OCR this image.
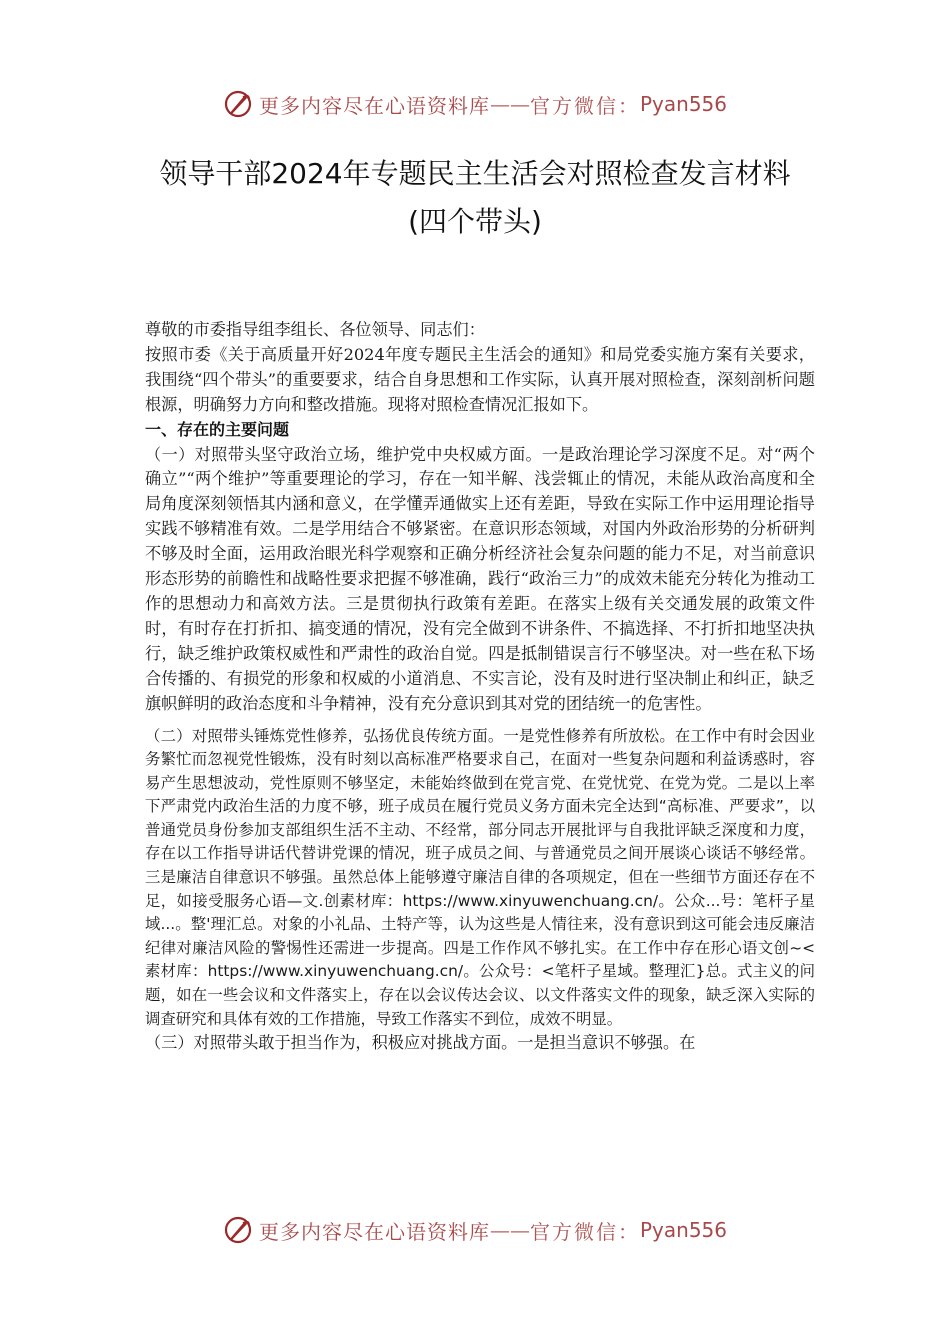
更多内容尽在心语资料库 —— 官方微信： Pyan556
领导干部2024年专题民主生活会对照检查发言材料
(四个带头)

尊敬的市委指导组李组长、各位领导、同志们：

按照市委《关于高质量开好2024年度专题民主生活会的通知》和局党委实施方案有关要求，我围绕“四个带头”的重要要求，结合自身思想和工作实际，认真开展对照检查，深刻剖析问题根源，明确努力方向和整改措施。现将对照检查情况汇报如下。

一、存在的主要问题

（一）对照带头坚守政治立场，维护党中央权威方面。一是政治理论学习深度不足。对“两个确立”“两个维护”等重要理论的学习，存在一知半解、浅尝辄止的情况，未能从政治高度和全局角度深刻领悟其内涵和意义，在学懂弄通做实上还有差距，导致在实际工作中运用理论指导实践不够精准有效。二是学用结合不够紧密。在意识形态领域，对国内外政治形势的分析研判不够及时全面，运用政治眼光科学观察和正确分析经济社会复杂问题的能力不足，对当前意识形态形势的前瞻性和战略性要求把握不够准确，践行“政治三力”的成效未能充分转化为推动工作的思想动力和高效方法。三是贯彻执行政策有差距。在落实上级有关交通发展的政策文件时，有时存在打折扣、搞变通的情况，没有完全做到不讲条件、不搞选择、不打折扣地坚决执行，缺乏维护政策权威性和严肃性的政治自觉。四是抵制错误言行不够坚决。对一些在私下场合传播的、有损党的形象和权威的小道消息、不实言论，没有及时进行坚决制止和纠正，缺乏旗帜鲜明的政治态度和斗争精神，没有充分意识到其对党的团结统一的危害性。

（二）对照带头锤炼党性修养，弘扬优良传统方面。一是党性修养有所放松。在工作中有时会因业务繁忙而忽视党性锻炼，没有时刻以高标准严格要求自己，在面对一些复杂问题和利益诱惑时，容易产生思想波动，党性原则不够坚定，未能始终做到在党言党、在党忧党、在党为党。二是以上率下严肃党内政治生活的力度不够，班子成员在履行党员义务方面未完全达到“高标准、严要求”，以普通党员身份参加支部组织生活不主动、不经常，部分同志开展批评与自我批评缺乏深度和力度，存在以工作指导讲话代替讲党课的情况，班子成员之间、与普通党员之间开展谈心谈话不够经常。三是廉洁自律意识不够强。虽然总体上能够遵守廉洁自律的各项规定，但在一些细节方面还存在不足，如接受服务心语—文.创素材库：https://www.xinyuwenchuang.cn/。公众...号：笔杆子星域...。整'理汇总。对象的小礼品、土特产等，认为这些是人情往来，没有意识到这可能会违反廉洁纪律对廉洁风险的警惕性还需进一步提高。四是工作作风不够扎实。在工作中存在形心语文创~<素材库：https://www.xinyuwenchuang.cn/。公众号：<笔杆子星域。整理汇}总。式主义的问题，如在一些会议和文件落实上，存在以会议传达会议、以文件落实文件的现象，缺乏深入实际的调查研究和具体有效的工作措施，导致工作落实不到位，成效不明显。

（三）对照带头敢于担当作为，积极应对挑战方面。一是担当意识不够强。在

更多内容尽在心语资料库 —— 官方微信： Pyan556
